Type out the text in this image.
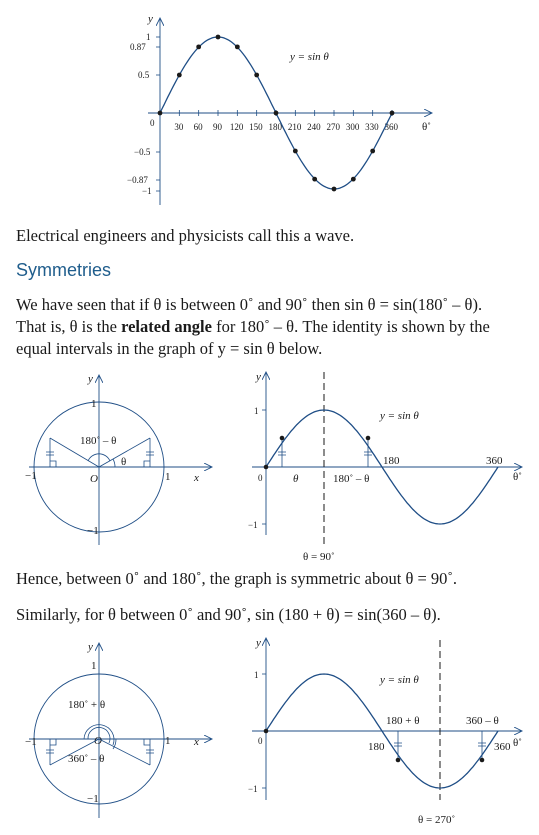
y
θ˚
1
0.87
0.5
0
−0.5
−0.87
−1
30 60 90 120 150 180 210 240 270 300 330 360
y = sin θ
y
1
−1
−1	1 x
O
180˚ – θ
θ
y
1
0
−1
y = sin θ
θ	180˚ – θ
180	360
θ˚
θ = 90˚
y
1
−1
−1	1 x
O
180˚ + θ
360˚ – θ
y
1
0
−1
y = sin θ
180 + θ	360 – θ
180	360 θ˚
θ = 270˚
Electrical engineers and physicists call this a wave.
Symmetries
We have seen that if θ is between 0˚ and 90˚ then sin θ = sin(180˚ – θ).
That is, θ is the related angle for 180˚ – θ. The identity is shown by the
equal intervals in the graph of y = sin θ below.
Hence, between 0˚ and 180˚, the graph is symmetric about θ = 90˚.
Similarly, for θ between 0˚ and 90˚, sin (180 + θ) = sin(360 – θ).
